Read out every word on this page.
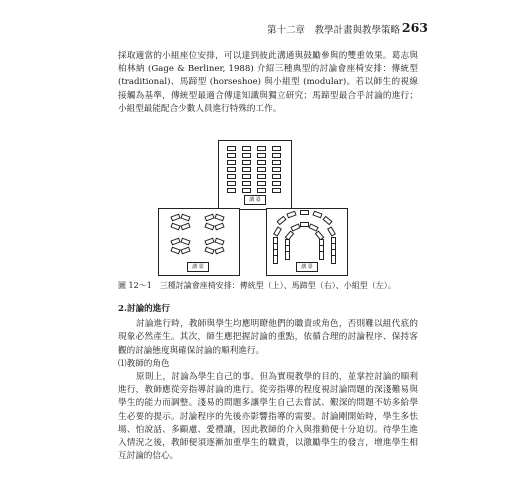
第十二章　教學計畫與教學策略 263

採取適當的小組座位安排，可以達到彼此溝通與鼓勵參與的雙重效果。葛志與柏林納 (Gage & Berliner, 1988) 介紹三種典型的討論會座椅安排：傳統型 (traditional)、馬蹄型 (horseshoe) 與小組型 (modular)。若以師生的視線接觸為基準，傳統型最適合傳達知識與獨立研究；馬蹄型最合乎討論的進行；小組型最能配合少數人員進行特殊的工作。

講 臺
講 臺	講 臺
圖 12～1　三種討論會座椅安排：傳統型（上）、馬蹄型（右）、小組型（左）。

2.討論的進行

討論進行時，教師與學生均應明瞭他們的職責或角色，否則難以組代底的現象必然產生。其次，師生應把握討論的重點，依循合理的討論程序、保持客觀的討論態度與確保討論的順利進行。

⑴教師的角色

原則上，討論為學生自己的事。但為實現教學的目的，並掌控討論的順利進行，教師應從旁指導討論的進行。從旁指導的程度視討論問題的深淺難易與學生的能力而調整。淺易的問題多讓學生自己去嘗試、艱深的問題不妨多給學生必要的提示。討論程序的先後亦影響指導的需要。討論剛開始時，學生多怯場、怕說話、多顧慮、愛禮讓，因此教師的介入與推動便十分迫切。待學生進入情況之後，教師便須逐漸加重學生的職責，以激勵學生的發言，增進學生相互討論的信心。
